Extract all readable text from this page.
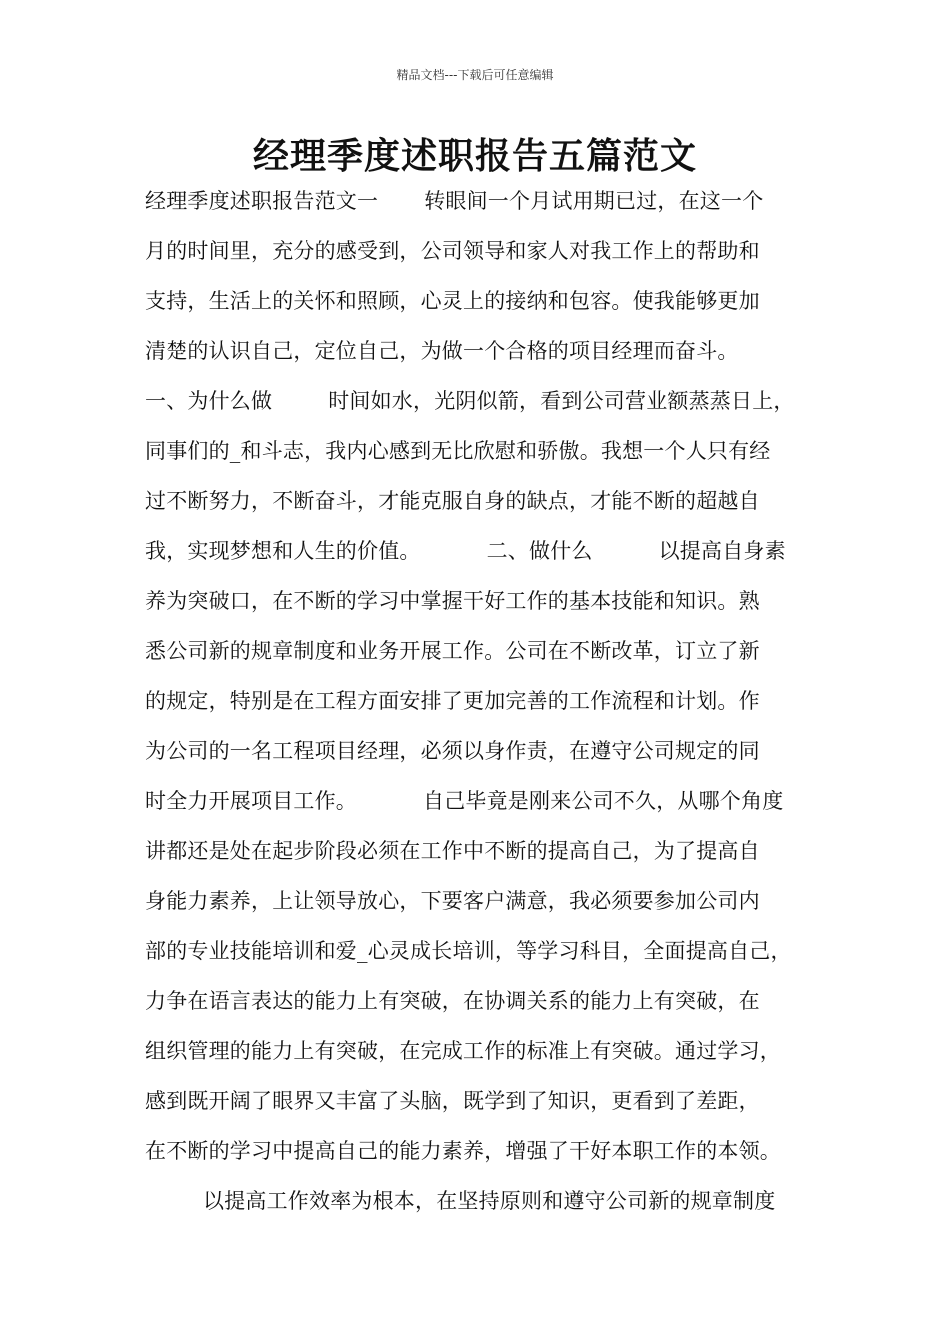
精品文档---下载后可任意编辑
经理季度述职报告五篇范文
经理季度述职报告范文一 转眼间一个月试用期已过，在这一个
月的时间里，充分的感受到，公司领导和家人对我工作上的帮助和
支持，生活上的关怀和照顾，心灵上的接纳和包容。使我能够更加
清楚的认识自己，定位自己，为做一个合格的项目经理而奋斗。
一、为什么做	时间如水，光阴似箭，看到公司营业额蒸蒸日上，
同事们的_和斗志，我内心感到无比欣慰和骄傲。我想一个人只有经
过不断努力，不断奋斗，才能克服自身的缺点，才能不断的超越自
我，实现梦想和人生的价值。	二、做什么	以提高自身素
养为突破口，在不断的学习中掌握干好工作的基本技能和知识。熟
悉公司新的规章制度和业务开展工作。公司在不断改革，订立了新
的规定，特别是在工程方面安排了更加完善的工作流程和计划。作
为公司的一名工程项目经理，必须以身作责，在遵守公司规定的同
时全力开展项目工作。	自己毕竟是刚来公司不久，从哪个角度
讲都还是处在起步阶段必须在工作中不断的提高自己，为了提高自
身能力素养，上让领导放心，下要客户满意，我必须要参加公司内
部的专业技能培训和爱_心灵成长培训，等学习科目，全面提高自己，
力争在语言表达的能力上有突破，在协调关系的能力上有突破，在
组织管理的能力上有突破，在完成工作的标准上有突破。通过学习，
感到既开阔了眼界又丰富了头脑，既学到了知识，更看到了差距，
在不断的学习中提高自己的能力素养，增强了干好本职工作的本领。
以提高工作效率为根本，在坚持原则和遵守公司新的规章制度
